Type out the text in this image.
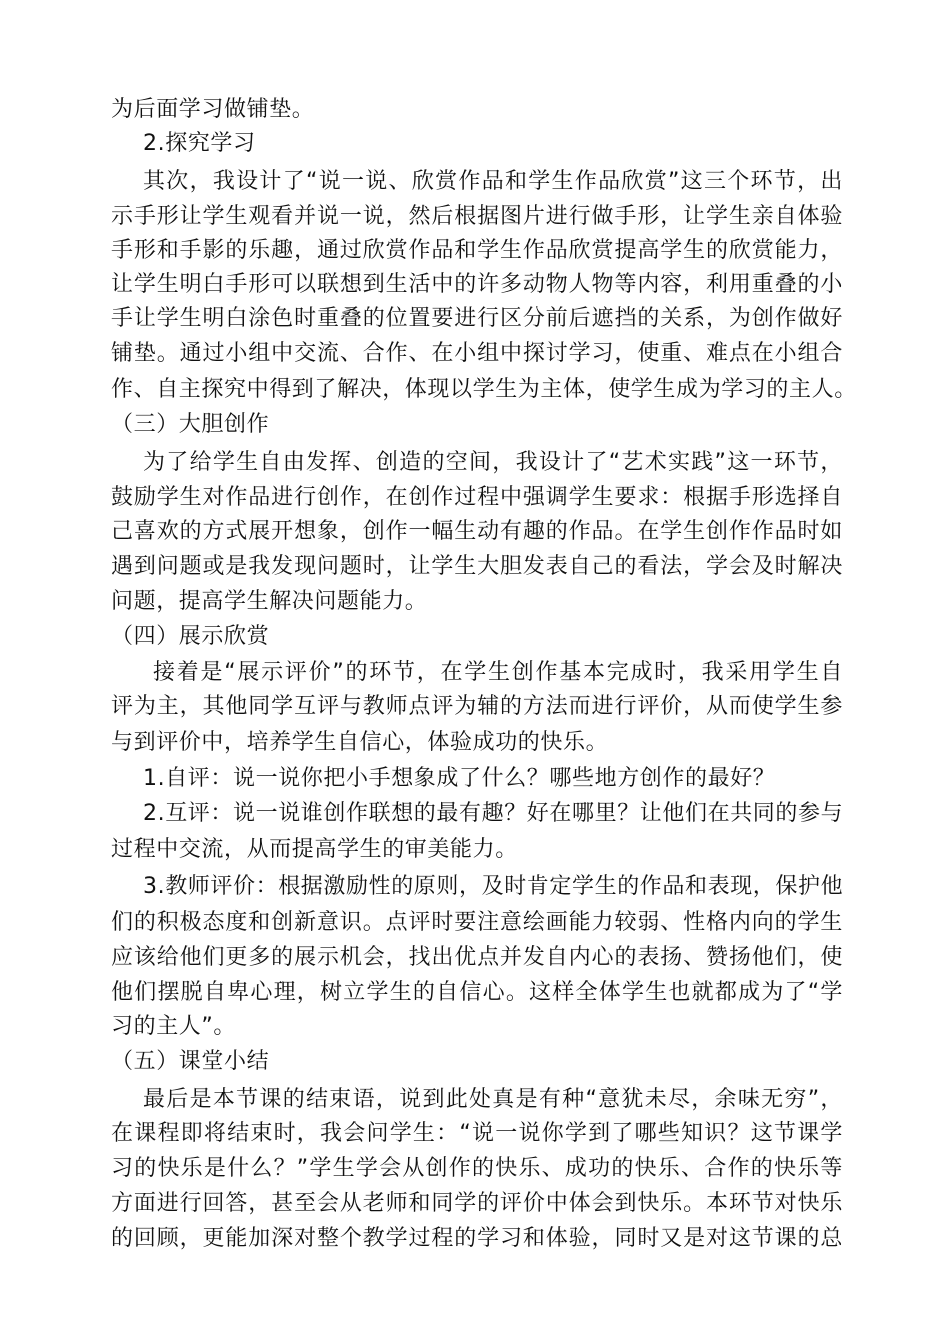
为后面学习做铺垫。
2.探究学习
其次，我设计了“说一说、欣赏作品和学生作品欣赏”这三个环节，出
示手形让学生观看并说一说，然后根据图片进行做手形，让学生亲自体验
手形和手影的乐趣，通过欣赏作品和学生作品欣赏提高学生的欣赏能力，
让学生明白手形可以联想到生活中的许多动物人物等内容，利用重叠的小
手让学生明白涂色时重叠的位置要进行区分前后遮挡的关系，为创作做好
铺垫。通过小组中交流、合作、在小组中探讨学习，使重、难点在小组合
作、自主探究中得到了解决，体现以学生为主体，使学生成为学习的主人。
（三）大胆创作
为了给学生自由发挥、创造的空间，我设计了“艺术实践”这一环节，
鼓励学生对作品进行创作，在创作过程中强调学生要求：根据手形选择自
己喜欢的方式展开想象，创作一幅生动有趣的作品。在学生创作作品时如
遇到问题或是我发现问题时，让学生大胆发表自己的看法，学会及时解决
问题，提高学生解决问题能力。
（四）展示欣赏
接着是“展示评价”的环节，在学生创作基本完成时，我采用学生自
评为主，其他同学互评与教师点评为辅的方法而进行评价，从而使学生参
与到评价中，培养学生自信心，体验成功的快乐。
1.自评：说一说你把小手想象成了什么？哪些地方创作的最好？
2.互评：说一说谁创作联想的最有趣？好在哪里？让他们在共同的参与
过程中交流，从而提高学生的审美能力。
3.教师评价：根据激励性的原则，及时肯定学生的作品和表现，保护他
们的积极态度和创新意识。点评时要注意绘画能力较弱、性格内向的学生
应该给他们更多的展示机会，找出优点并发自内心的表扬、赞扬他们，使
他们摆脱自卑心理，树立学生的自信心。这样全体学生也就都成为了“学
习的主人”。
（五）课堂小结
最后是本节课的结束语，说到此处真是有种“意犹未尽，余味无穷”，
在课程即将结束时，我会问学生：“说一说你学到了哪些知识？这节课学
习的快乐是什么？”学生学会从创作的快乐、成功的快乐、合作的快乐等
方面进行回答，甚至会从老师和同学的评价中体会到快乐。本环节对快乐
的回顾，更能加深对整个教学过程的学习和体验，同时又是对这节课的总
